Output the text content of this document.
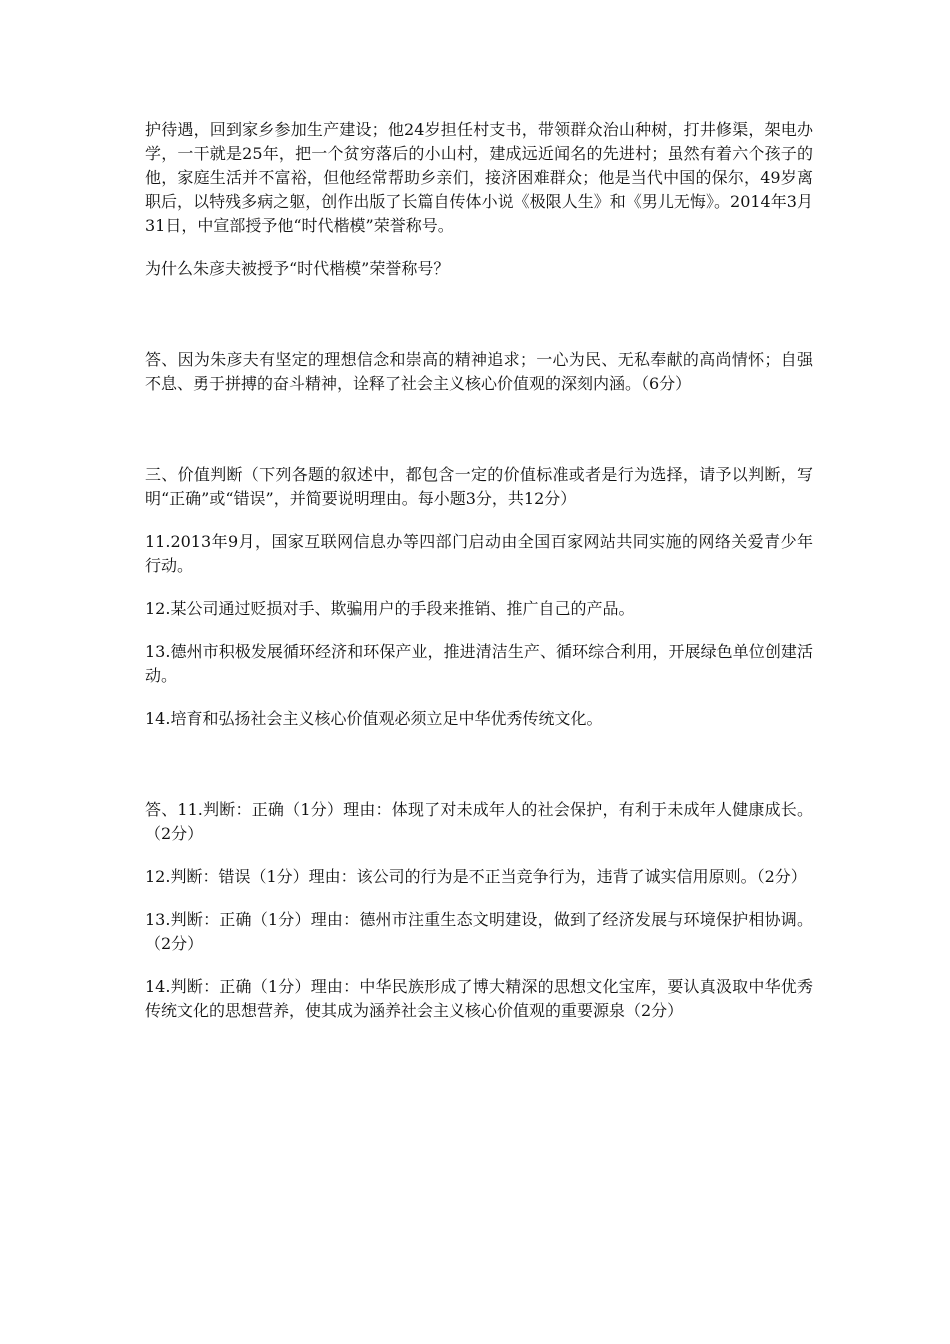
护待遇，回到家乡参加生产建设；他24岁担任村支书，带领群众治山种树，打井修渠，架电办学，一干就是25年，把一个贫穷落后的小山村，建成远近闻名的先进村；虽然有着六个孩子的他，家庭生活并不富裕，但他经常帮助乡亲们，接济困难群众；他是当代中国的保尔，49岁离职后，以特残多病之躯，创作出版了长篇自传体小说《极限人生》和《男儿无悔》。2014年3月31日，中宣部授予他“时代楷模”荣誉称号。

为什么朱彦夫被授予“时代楷模”荣誉称号？

答、因为朱彦夫有坚定的理想信念和崇高的精神追求；一心为民、无私奉献的高尚情怀；自强不息、勇于拼搏的奋斗精神，诠释了社会主义核心价值观的深刻内涵。（6分）

三、价值判断（下列各题的叙述中，都包含一定的价值标准或者是行为选择，请予以判断，写明“正确”或“错误”，并简要说明理由。每小题3分，共12分）

11.2013年9月，国家互联网信息办等四部门启动由全国百家网站共同实施的网络关爱青少年行动。

12.某公司通过贬损对手、欺骗用户的手段来推销、推广自己的产品。

13.德州市积极发展循环经济和环保产业，推进清洁生产、循环综合利用，开展绿色单位创建活动。

14.培育和弘扬社会主义核心价值观必须立足中华优秀传统文化。

答、11.判断：正确（1分）理由：体现了对未成年人的社会保护，有利于未成年人健康成长。（2分）

12.判断：错误（1分）理由：该公司的行为是不正当竞争行为，违背了诚实信用原则。（2分）

13.判断：正确（1分）理由：德州市注重生态文明建设，做到了经济发展与环境保护相协调。（2分）

14.判断：正确（1分）理由：中华民族形成了博大精深的思想文化宝库，要认真汲取中华优秀传统文化的思想营养，使其成为涵养社会主义核心价值观的重要源泉（2分）
